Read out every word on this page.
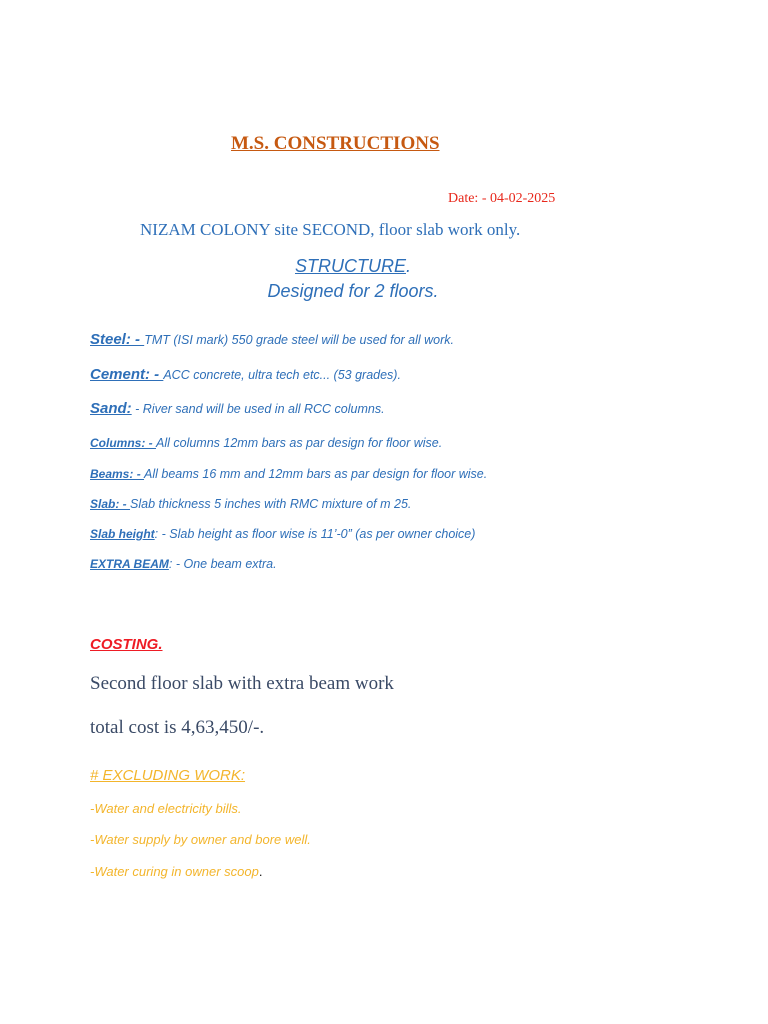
M.S. CONSTRUCTIONS
Date: - 04-02-2025
NIZAM COLONY site SECOND, floor slab work only.
STRUCTURE.
Designed for 2 floors.
Steel: - TMT (ISI mark) 550 grade steel will be used for all work.
Cement: - ACC concrete, ultra tech etc... (53 grades).
Sand: - River sand will be used in all RCC columns.
Columns: - All columns 12mm bars as par design for floor wise.
Beams: - All beams 16 mm and 12mm bars as par design for floor wise.
Slab: - Slab thickness 5 inches with RMC mixture of m 25.
Slab height: - Slab height as floor wise is 11’-0” (as per owner choice)
EXTRA BEAM: - One beam extra.
COSTING.
Second floor slab with extra beam work
total cost is 4,63,450/-.
# EXCLUDING WORK:
-Water and electricity bills.
-Water supply by owner and bore well.
-Water curing in owner scoop.
